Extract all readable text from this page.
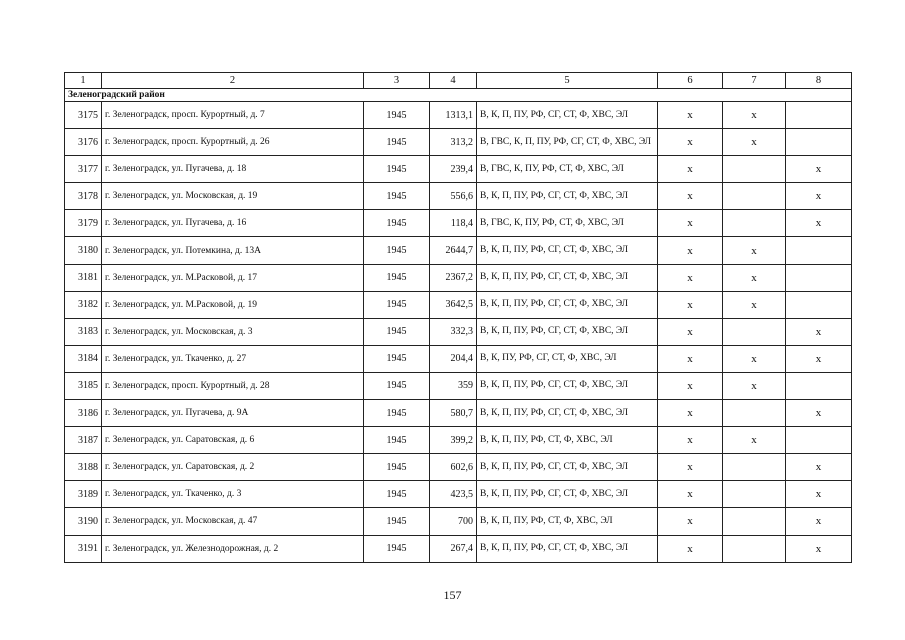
1	2	3	4	5	6	7	8
Зеленоградский район							
3175	г. Зеленоградск, просп. Курортный, д. 7	1945	1313,1	В, К, П, ПУ, РФ, СГ, СТ, Ф, ХВС, ЭЛ	x	x	
3176	г. Зеленоградск, просп. Курортный, д. 26	1945	313,2	В, ГВС, К, П, ПУ, РФ, СГ, СТ, Ф, ХВС, ЭЛ	x	x	
3177	г. Зеленоградск, ул. Пугачева, д. 18	1945	239,4	В, ГВС, К, ПУ, РФ, СТ, Ф, ХВС, ЭЛ	x		x
3178	г. Зеленоградск, ул. Московская, д. 19	1945	556,6	В, К, П, ПУ, РФ, СГ, СТ, Ф, ХВС, ЭЛ	x		x
3179	г. Зеленоградск, ул. Пугачева, д. 16	1945	118,4	В, ГВС, К, ПУ, РФ, СТ, Ф, ХВС, ЭЛ	x		x
3180	г. Зеленоградск, ул. Потемкина, д. 13А	1945	2644,7	В, К, П, ПУ, РФ, СГ, СТ, Ф, ХВС, ЭЛ	x	x	
3181	г. Зеленоградск, ул. М.Расковой, д. 17	1945	2367,2	В, К, П, ПУ, РФ, СГ, СТ, Ф, ХВС, ЭЛ	x	x	
3182	г. Зеленоградск, ул. М.Расковой, д. 19	1945	3642,5	В, К, П, ПУ, РФ, СГ, СТ, Ф, ХВС, ЭЛ	x	x	
3183	г. Зеленоградск, ул. Московская, д. 3	1945	332,3	В, К, П, ПУ, РФ, СГ, СТ, Ф, ХВС, ЭЛ	x		x
3184	г. Зеленоградск, ул. Ткаченко, д. 27	1945	204,4	В, К, ПУ, РФ, СГ, СТ, Ф, ХВС, ЭЛ	x	x	x
3185	г. Зеленоградск, просп. Курортный, д. 28	1945	359	В, К, П, ПУ, РФ, СГ, СТ, Ф, ХВС, ЭЛ	x	x	
3186	г. Зеленоградск, ул. Пугачева, д. 9А	1945	580,7	В, К, П, ПУ, РФ, СГ, СТ, Ф, ХВС, ЭЛ	x		x
3187	г. Зеленоградск, ул. Саратовская, д. 6	1945	399,2	В, К, П, ПУ, РФ, СТ, Ф, ХВС, ЭЛ	x	x	
3188	г. Зеленоградск, ул. Саратовская, д. 2	1945	602,6	В, К, П, ПУ, РФ, СГ, СТ, Ф, ХВС, ЭЛ	x		x
3189	г. Зеленоградск, ул. Ткаченко, д. 3	1945	423,5	В, К, П, ПУ, РФ, СГ, СТ, Ф, ХВС, ЭЛ	x		x
3190	г. Зеленоградск, ул. Московская, д. 47	1945	700	В, К, П, ПУ, РФ, СТ, Ф, ХВС, ЭЛ	x		x
3191	г. Зеленоградск, ул. Железнодорожная, д. 2	1945	267,4	В, К, П, ПУ, РФ, СГ, СТ, Ф, ХВС, ЭЛ	x		x
157
